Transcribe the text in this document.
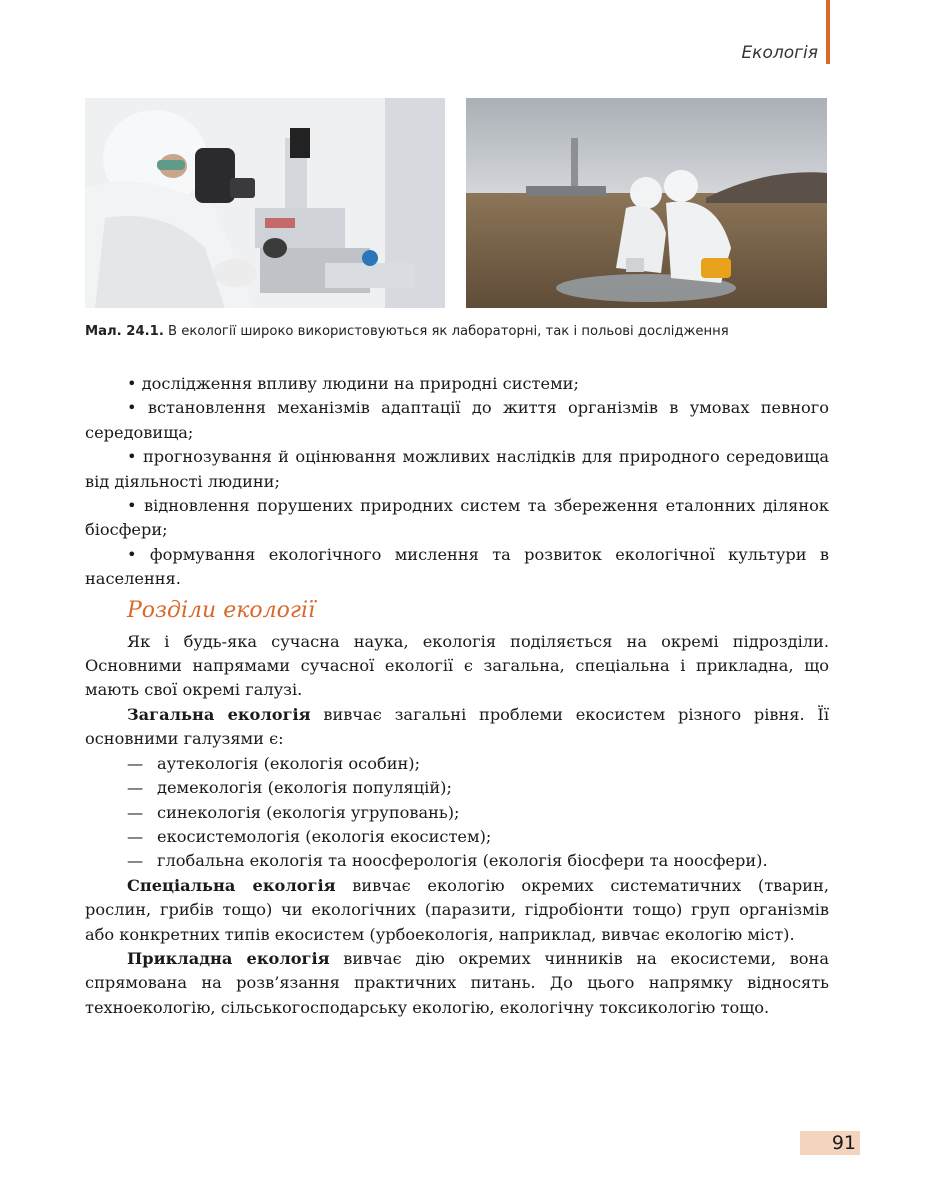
Екологія
Мал. 24.1. В екології широко використовуються як лабораторні, так і польові дослідження

• дослідження впливу людини на природні системи;

• встановлення механізмів адаптації до життя організмів в умовах певного середовища;

• прогнозування й оцінювання можливих наслідків для природного середовища від діяльності людини;

• відновлення порушених природних систем та збереження еталонних ділянок біосфери;

• формування екологічного мислення та розвиток екологічної культури в населення.

Розділи екології

Як і будь-яка сучасна наука, екологія поділяється на окремі підрозділи. Основними напрямами сучасної екології є загальна, спеціальна і прикладна, що мають свої окремі галузі.

Загальна екологія вивчає загальні проблеми екосистем різного рівня. Її основними галузями є:

— аутекологія (екологія особин);

— демекологія (екологія популяцій);

— синекологія (екологія угруповань);

— екосистемологія (екологія екосистем);

— глобальна екологія та ноосферологія (екологія біосфери та ноосфери).

Спеціальна екологія вивчає екологію окремих систематичних (тварин, рослин, грибів тощо) чи екологічних (паразити, гідробіонти тощо) груп організмів або конкретних типів екосистем (урбоекологія, наприклад, вивчає екологію міст).

Прикладна екологія вивчає дію окремих чинників на екосистеми, вона спрямована на розв’язання практичних питань. До цього напрямку відносять техноекологію, сільськогосподарську екологію, екологічну токсикологію тощо.

91
